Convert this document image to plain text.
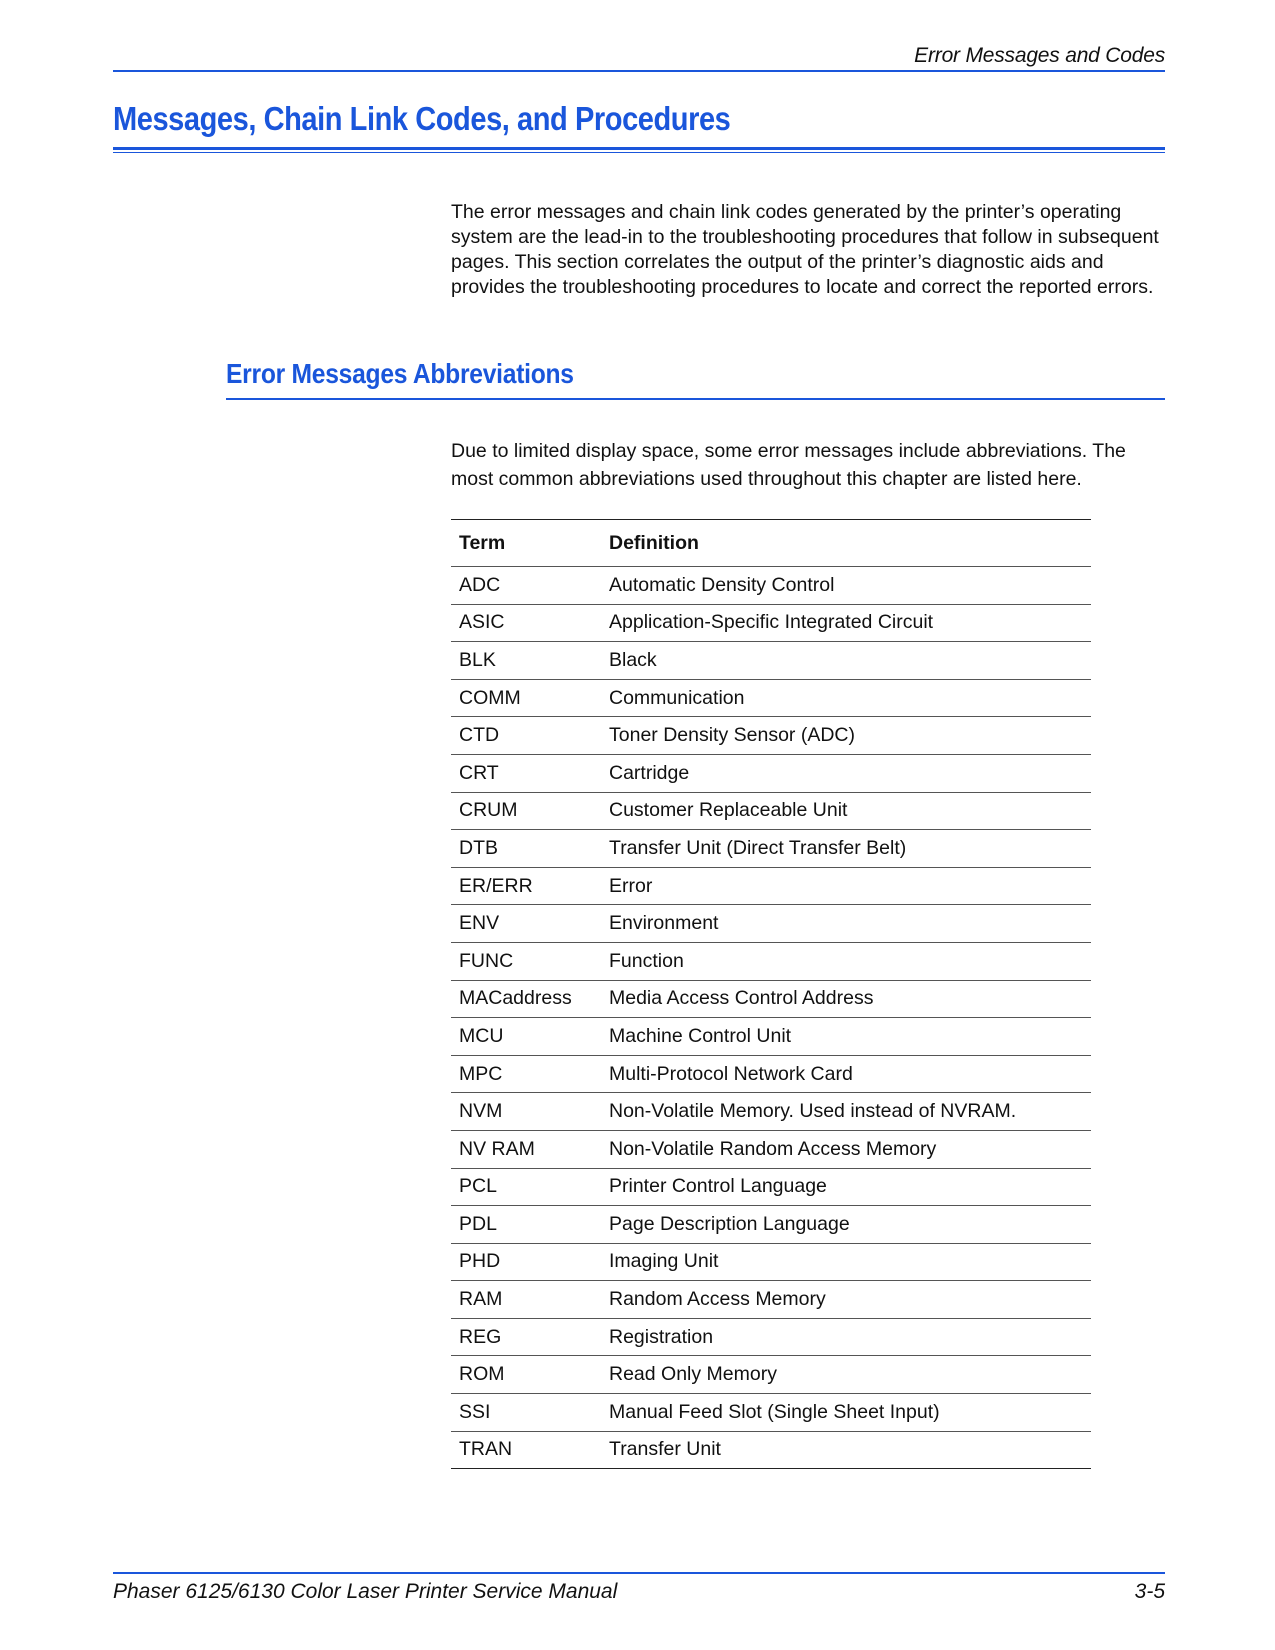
Error Messages and Codes
Messages, Chain Link Codes, and Procedures

The error messages and chain link codes generated by the printer’s operating system are the lead-in to the troubleshooting procedures that follow in subsequent pages. This section correlates the output of the printer’s diagnostic aids and provides the troubleshooting procedures to locate and correct the reported errors.

Error Messages Abbreviations

Due to limited display space, some error messages include abbreviations. The most common abbreviations used throughout this chapter are listed here.

Term	Definition
ADC	Automatic Density Control
ASIC	Application-Specific Integrated Circuit
BLK	Black
COMM	Communication
CTD	Toner Density Sensor (ADC)
CRT	Cartridge
CRUM	Customer Replaceable Unit
DTB	Transfer Unit (Direct Transfer Belt)
ER/ERR	Error
ENV	Environment
FUNC	Function
MACaddress	Media Access Control Address
MCU	Machine Control Unit
MPC	Multi-Protocol Network Card
NVM	Non-Volatile Memory. Used instead of NVRAM.
NV RAM	Non-Volatile Random Access Memory
PCL	Printer Control Language
PDL	Page Description Language
PHD	Imaging Unit
RAM	Random Access Memory
REG	Registration
ROM	Read Only Memory
SSI	Manual Feed Slot (Single Sheet Input)
TRAN	Transfer Unit
Phaser 6125/6130 Color Laser Printer Service Manual	3-5
